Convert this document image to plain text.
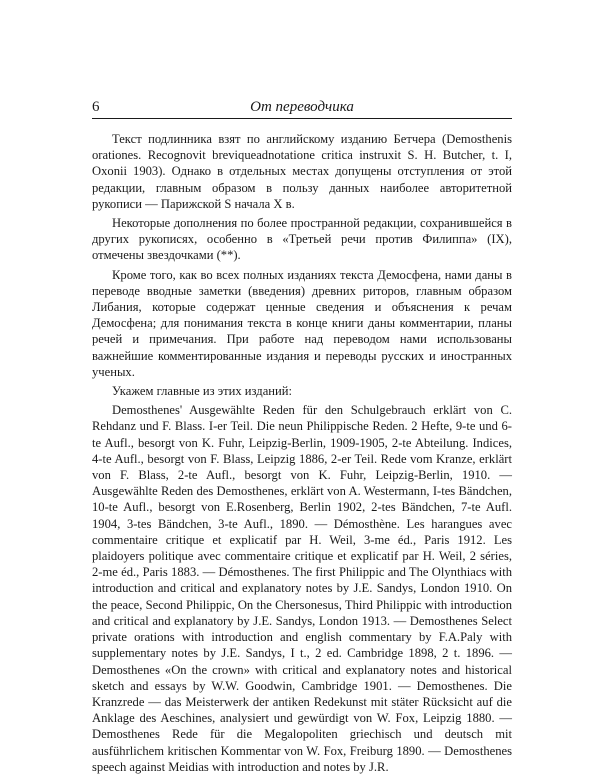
6	От переводчика

Текст подлинника взят по английскому изданию Бетчера (Demosthenis orationes. Recognovit breviqueadnotatione critica instruxit S. H. Butcher, t. I, Oxonii 1903). Однако в отдельных местах допущены отступления от этой редакции, главным образом в пользу данных наиболее авторитетной рукописи — Парижской S начала X в.

Некоторые дополнения по более пространной редакции, сохранившейся в других рукописях, особенно в «Третьей речи против Филиппа» (IX), отмечены звездочками (**).

Кроме того, как во всех полных изданиях текста Демосфена, нами даны в переводе вводные заметки (введения) древних риторов, главным образом Либания, которые содержат ценные сведения и объяснения к речам Демосфена; для понимания текста в конце книги даны комментарии, планы речей и примечания. При работе над переводом нами использованы важнейшие комментированные издания и переводы русских и иностранных ученых.

Укажем главные из этих изданий:

Demosthenes' Ausgewählte Reden für den Schulgebrauch erklärt von C. Rehdanz und F. Blass. I-er Teil. Die neun Philippische Reden. 2 Hefte, 9-te und 6-te Aufl., besorgt von K. Fuhr, Leipzig-Berlin, 1909-1905, 2-te Abteilung. Indices, 4-te Aufl., besorgt von F. Blass, Leipzig 1886, 2-er Teil. Rede vom Kranze, erklärt von F. Blass, 2-te Aufl., besorgt von K. Fuhr, Leipzig-Berlin, 1910. — Ausgewählte Reden des Demosthenes, erklärt von A. Westermann, I-tes Bändchen, 10-te Aufl., besorgt von E.Rosenberg, Berlin 1902, 2-tes Bändchen, 7-te Aufl. 1904, 3-tes Bändchen, 3-te Aufl., 1890. — Démosthène. Les harangues avec commentaire critique et explicatif par H. Weil, 3-me éd., Paris 1912. Les plaidoyers politique avec commentaire critique et explicatif par H. Weil, 2 séries, 2-me éd., Paris 1883. — Démosthenes. The first Philippic and The Olynthiacs with introduction and critical and explanatory notes by J.E. Sandys, London 1910. On the peace, Second Philippic, On the Chersonesus, Third Philippic with introduction and critical and explanatory by J.E. Sandys, London 1913. — Demosthenes Select private orations with introduction and english commentary by F.A.Paly with supplementary notes by J.E. Sandys, I t., 2 ed. Cambridge 1898, 2 t. 1896. — Demosthenes «On the crown» with critical and explanatory notes and historical sketch and essays by W.W. Goodwin, Cambridge 1901. — Demosthenes. Die Kranzrede — das Meisterwerk der antiken Redekunst mit stäter Rücksicht auf die Anklage des Aeschines, analysiert und gewürdigt von W. Fox, Leipzig 1880. — Demosthenes Rede für die Megalopoliten griechisch und deutsch mit ausführlichem kritischen Kommentar von W. Fox, Freiburg 1890. — Demosthenes speech against Meidias with introduction and notes by J.R.
